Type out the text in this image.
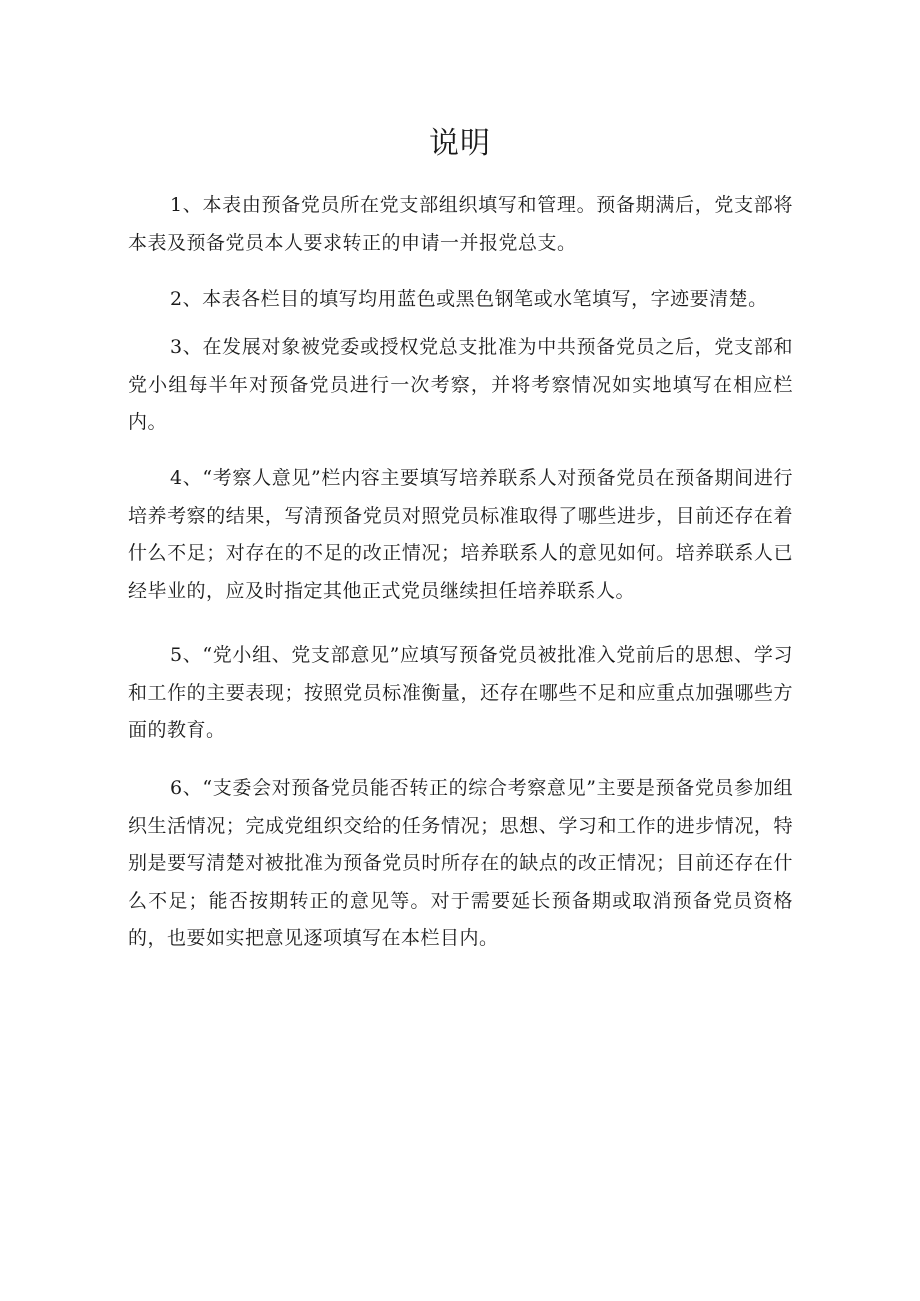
说明

1、本表由预备党员所在党支部组织填写和管理。预备期满后，党支部将本表及预备党员本人要求转正的申请一并报党总支。

2、本表各栏目的填写均用蓝色或黑色钢笔或水笔填写，字迹要清楚。

3、在发展对象被党委或授权党总支批准为中共预备党员之后，党支部和党小组每半年对预备党员进行一次考察，并将考察情况如实地填写在相应栏内。

4、“考察人意见”栏内容主要填写培养联系人对预备党员在预备期间进行培养考察的结果，写清预备党员对照党员标准取得了哪些进步，目前还存在着什么不足；对存在的不足的改正情况；培养联系人的意见如何。培养联系人已经毕业的，应及时指定其他正式党员继续担任培养联系人。

5、“党小组、党支部意见”应填写预备党员被批准入党前后的思想、学习和工作的主要表现；按照党员标准衡量，还存在哪些不足和应重点加强哪些方面的教育。

6、“支委会对预备党员能否转正的综合考察意见”主要是预备党员参加组织生活情况；完成党组织交给的任务情况；思想、学习和工作的进步情况，特别是要写清楚对被批准为预备党员时所存在的缺点的改正情况；目前还存在什么不足；能否按期转正的意见等。对于需要延长预备期或取消预备党员资格的，也要如实把意见逐项填写在本栏目内。
